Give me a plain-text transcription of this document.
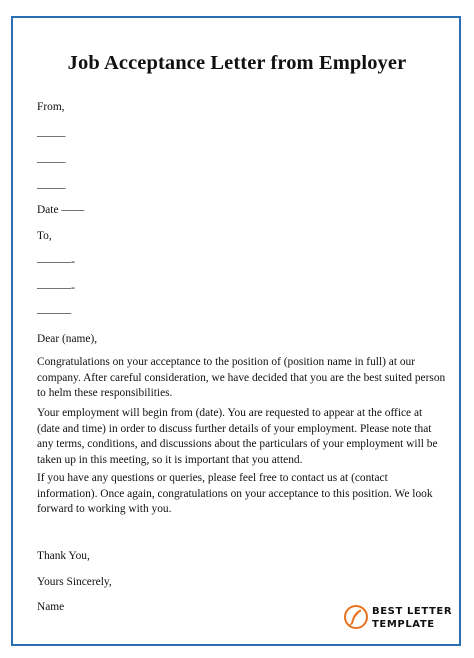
Job Acceptance Letter from Employer
From,
_____
_____
_____
Date ——
To,
———-
———-
———
Dear (name),
Congratulations on your acceptance to the position of (position name in full) at our company. After careful consideration, we have decided that you are the best suited person to helm these responsibilities.
Your employment will begin from (date). You are requested to appear at the office at (date and time) in order to discuss further details of your employment. Please note that any terms, conditions, and discussions about the particulars of your employment will be taken up in this meeting, so it is important that you attend.
If you have any questions or queries, please feel free to contact us at (contact information). Once again, congratulations on your acceptance to this position. We look forward to working with you.
Thank You,
Yours Sincerely,
Name	BEST LETTER
TEMPLATE
